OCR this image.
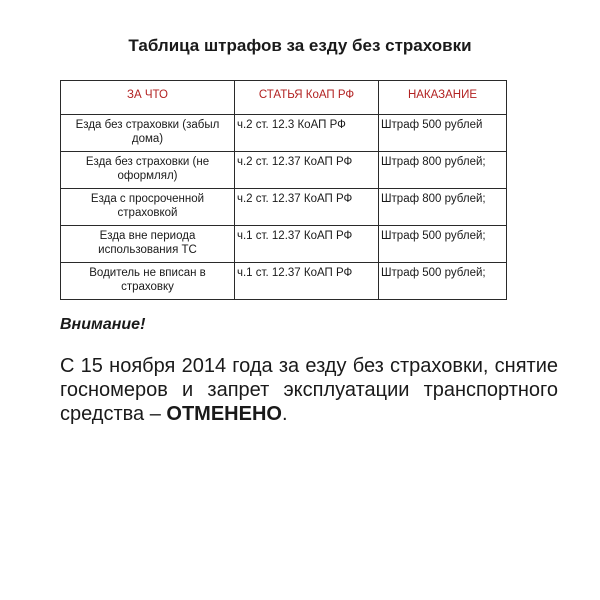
Таблица штрафов за езду без страховки
ЗА ЧТО	СТАТЬЯ КоАП РФ	НАКАЗАНИЕ
Езда без страховки (забыл дома)	ч.2 ст. 12.3 КоАП РФ	Штраф 500 рублей
Езда без страховки (не оформлял)	ч.2 ст. 12.37 КоАП РФ	Штраф 800 рублей;
Езда с просроченной страховкой	ч.2 ст. 12.37 КоАП РФ	Штраф 800 рублей;
Езда вне периода использования ТС	ч.1 ст. 12.37 КоАП РФ	Штраф 500 рублей;
Водитель не вписан в страховку	ч.1 ст. 12.37 КоАП РФ	Штраф 500 рублей;
Внимание!
С 15 ноября 2014 года за езду без страховки, снятие госномеров и запрет эксплуатации транспортного средства – ОТМЕНЕНО.
